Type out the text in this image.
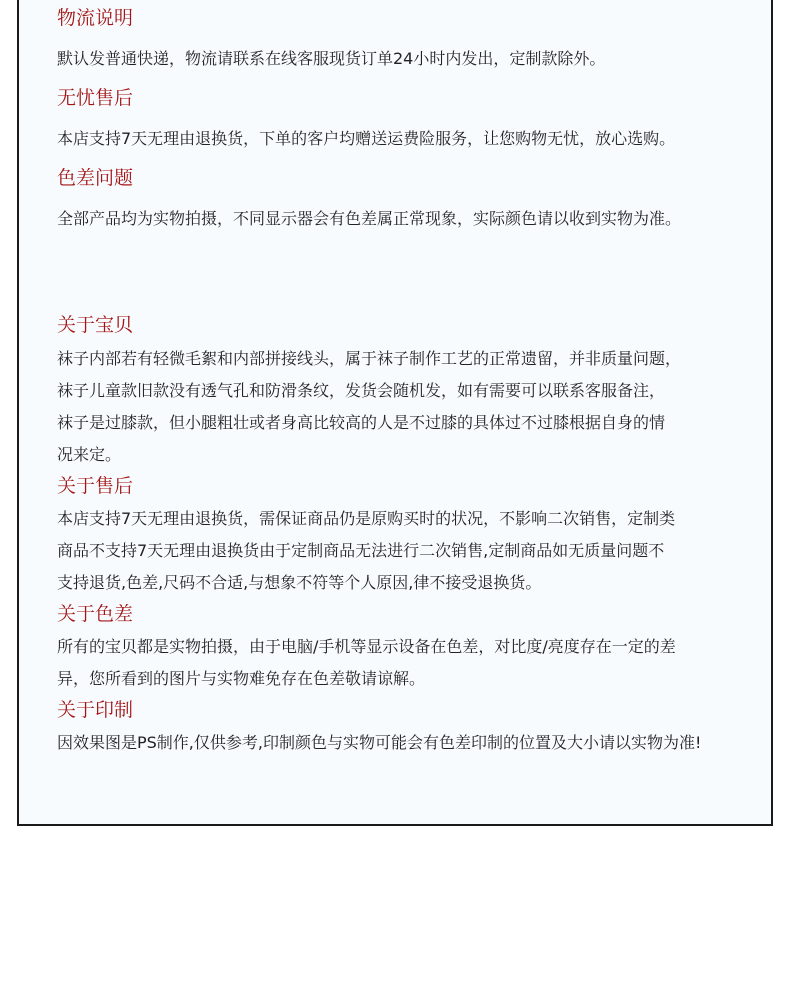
物流说明

默认发普通快递，物流请联系在线客服现货订单24小时内发出，定制款除外。

无忧售后

本店支持7天无理由退换货，下单的客户均赠送运费险服务，让您购物无忧，放心选购。

色差问题

全部产品均为实物拍摄，不同显示器会有色差属正常现象，实际颜色请以收到实物为准。

关于宝贝

袜子内部若有轻微毛絮和内部拼接线头，属于袜子制作工艺的正常遗留，并非质量问题，

袜子儿童款旧款没有透气孔和防滑条纹，发货会随机发，如有需要可以联系客服备注，

袜子是过膝款，但小腿粗壮或者身高比较高的人是不过膝的具体过不过膝根据自身的情

况来定。

关于售后

本店支持7天无理由退换货，需保证商品仍是原购买时的状况，不影响二次销售，定制类

商品不支持7天无理由退换货由于定制商品无法进行二次销售,定制商品如无质量问题不

支持退货,色差,尺码不合适,与想象不符等个人原因,律不接受退换货。

关于色差

所有的宝贝都是实物拍摄，由于电脑/手机等显示设备在色差，对比度/亮度存在一定的差

异，您所看到的图片与实物难免存在色差敬请谅解。

关于印制

因效果图是PS制作,仅供参考,印制颜色与实物可能会有色差印制的位置及大小请以实物为准!
